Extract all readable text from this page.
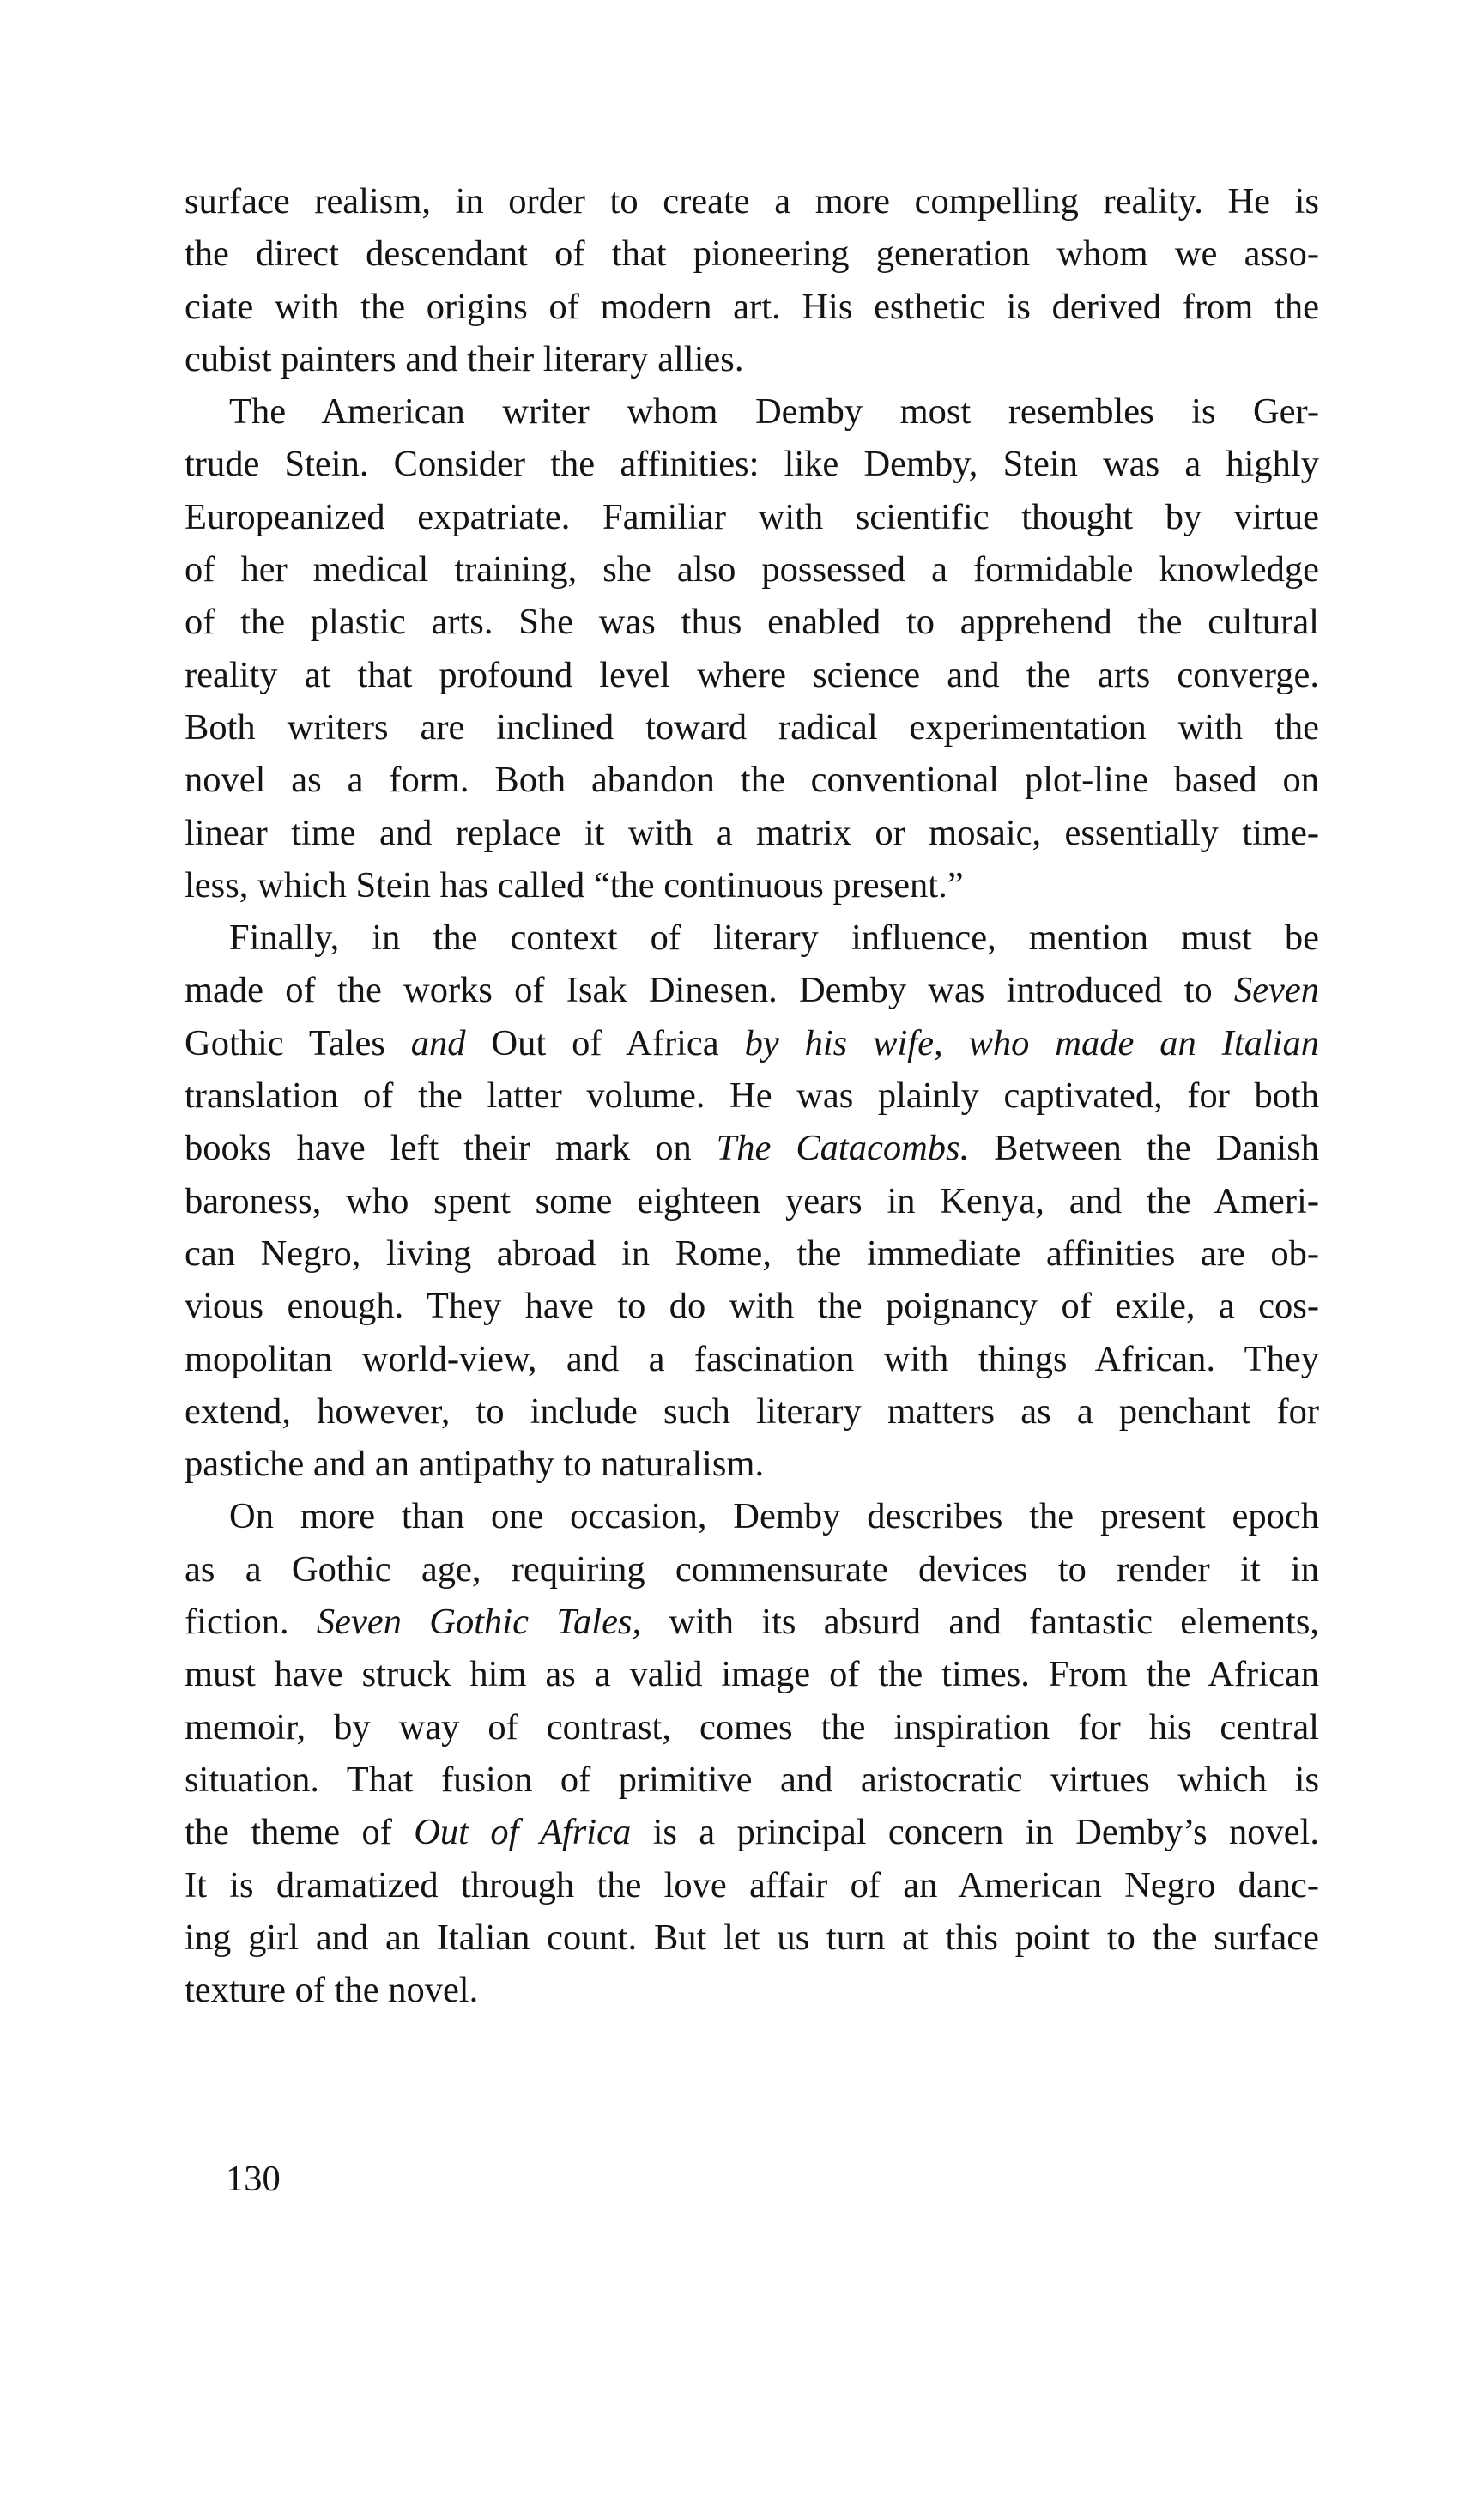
surface realism, in order to create a more compelling reality. He is
the direct descendant of that pioneering generation whom we asso-
ciate with the origins of modern art. His esthetic is derived from the
cubist painters and their literary allies.

The American writer whom Demby most resembles is Ger-
trude Stein. Consider the affinities: like Demby, Stein was a highly
Europeanized expatriate. Familiar with scientific thought by virtue
of her medical training, she also possessed a formidable knowledge
of the plastic arts. She was thus enabled to apprehend the cultural
reality at that profound level where science and the arts converge.
Both writers are inclined toward radical experimentation with the
novel as a form. Both abandon the conventional plot-line based on
linear time and replace it with a matrix or mosaic, essentially time-
less, which Stein has called “the continuous present.”

Finally, in the context of literary influence, mention must be
made of the works of Isak Dinesen. Demby was introduced to Seven
Gothic Tales and Out of Africa by his wife, who made an Italian
translation of the latter volume. He was plainly captivated, for both
books have left their mark on The Catacombs. Between the Danish
baroness, who spent some eighteen years in Kenya, and the Ameri-
can Negro, living abroad in Rome, the immediate affinities are ob-
vious enough. They have to do with the poignancy of exile, a cos-
mopolitan world-view, and a fascination with things African. They
extend, however, to include such literary matters as a penchant for
pastiche and an antipathy to naturalism.

On more than one occasion, Demby describes the present epoch
as a Gothic age, requiring commensurate devices to render it in
fiction. Seven Gothic Tales, with its absurd and fantastic elements,
must have struck him as a valid image of the times. From the African
memoir, by way of contrast, comes the inspiration for his central
situation. That fusion of primitive and aristocratic virtues which is
the theme of Out of Africa is a principal concern in Demby’s novel.
It is dramatized through the love affair of an American Negro danc-
ing girl and an Italian count. But let us turn at this point to the surface
texture of the novel.

130
